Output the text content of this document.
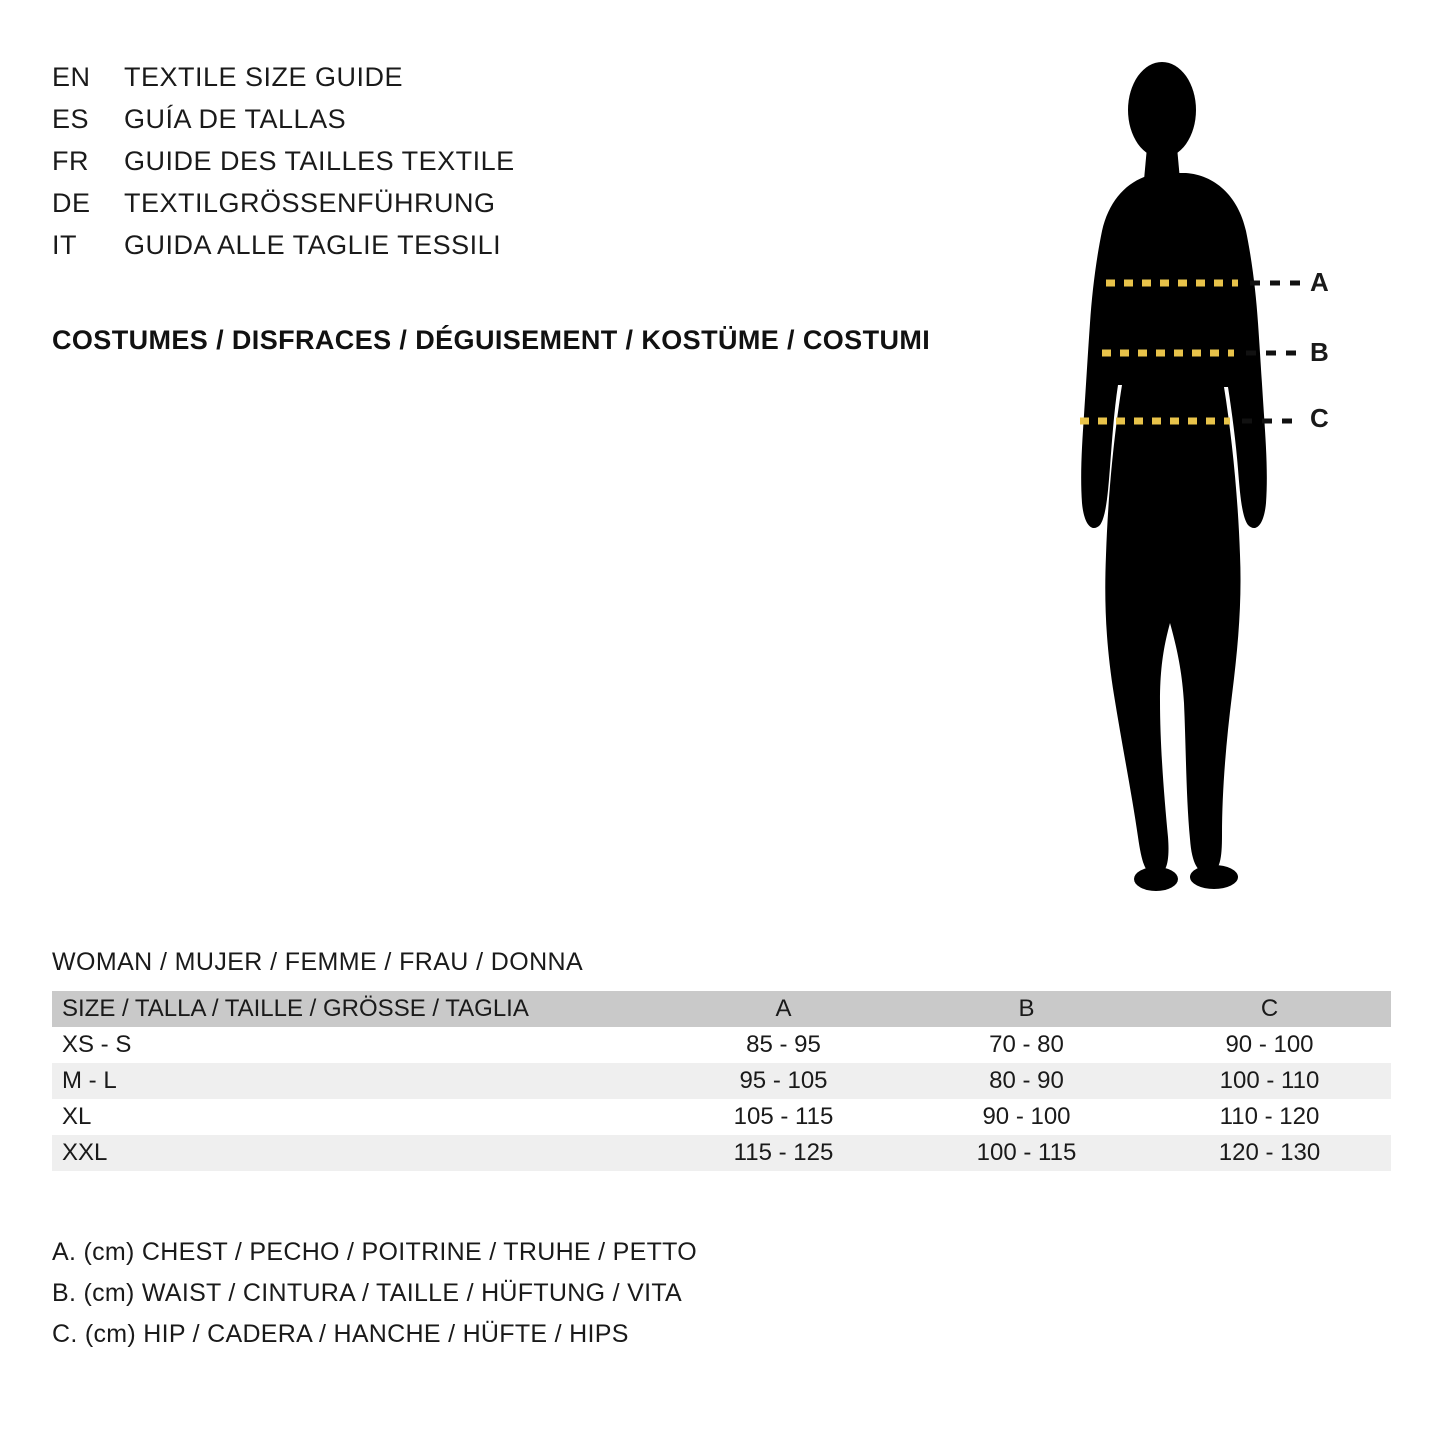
EN	TEXTILE SIZE GUIDE
ES	GUÍA DE TALLAS
FR	GUIDE DES TAILLES TEXTILE
DE	TEXTILGRÖSSENFÜHRUNG
IT	GUIDA ALLE TAGLIE TESSILI
COSTUMES / DISFRACES / DÉGUISEMENT / KOSTÜME / COSTUMI
A
B
C
WOMAN / MUJER / FEMME / FRAU / DONNA
SIZE / TALLA / TAILLE / GRÖSSE / TAGLIA	A	B	C
XS - S	85 - 95	70 - 80	90 - 100
M - L	95 - 105	80 - 90	100 - 110
XL	105 - 115	90 - 100	110 - 120
XXL	115 - 125	100 - 115	120 - 130
A. (cm) CHEST / PECHO / POITRINE / TRUHE / PETTO
B. (cm) WAIST / CINTURA / TAILLE / HÜFTUNG / VITA
C. (cm) HIP / CADERA / HANCHE / HÜFTE / HIPS
